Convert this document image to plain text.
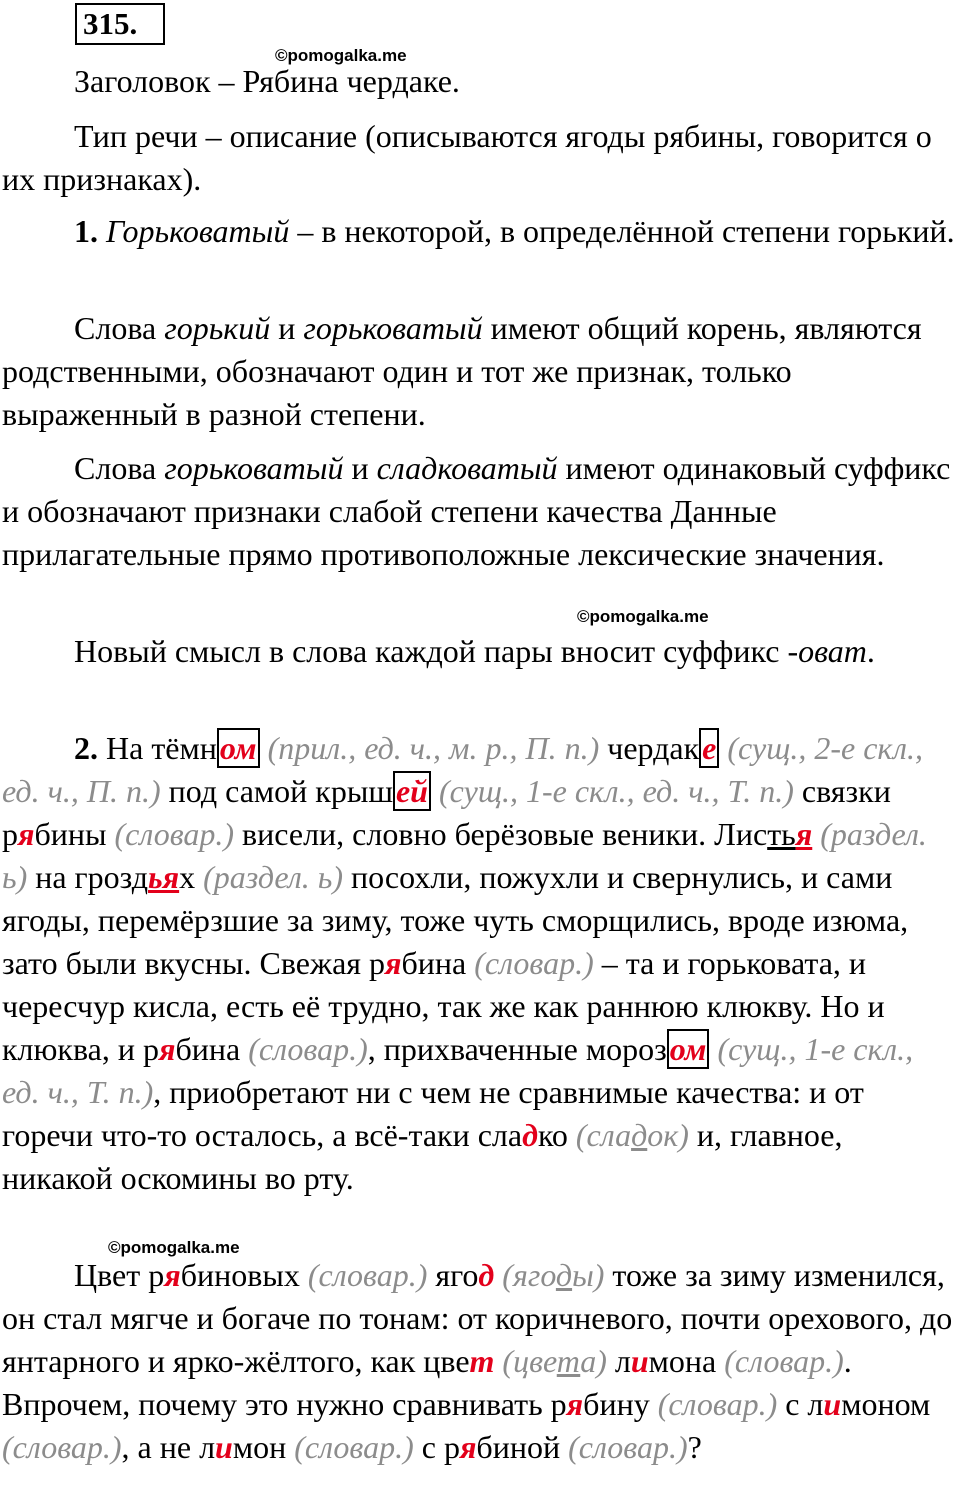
315.
©pomogalka.me
©pomogalka.me
©pomogalka.me

Заголовок – Рябина чердаке.

Тип речи – описание (описываются ягоды рябины, говорится о их признаках).

1. Горьковатый – в некоторой, в определённой степени горький.

Слова горький и горьковатый имеют общий корень, являются родственными, обозначают один и тот же признак, только выраженный в разной степени.

Слова горьковатый и сладковатый имеют одинаковый суффикс и обозначают признаки слабой степени качества Данные прилагательные прямо противоположные лексические значения.

Новый смысл в слова каждой пары вносит суффикс -оват.

2. На тёмном (прил., ед. ч., м. р., П. п.) чердаке (сущ., 2-е скл., ед. ч., П. п.) под самой крышей (сущ., 1-е скл., ед. ч., Т. п.) связки рябины (словар.) висели, словно берёзовые веники. Листья (раздел. ь) на гроздьях (раздел. ь) посохли, пожухли и свернулись, и сами ягоды, перемёрзшие за зиму, тоже чуть сморщились, вроде изюма, зато были вкусны. Свежая рябина (словар.) – та и горьковата, и чересчур кисла, есть её трудно, так же как раннюю клюкву. Но и клюква, и рябина (словар.), прихваченные морозом (сущ., 1-е скл., ед. ч., Т. п.), приобретают ни с чем не сравнимые качества: и от горечи что-то осталось, а всё-таки сладко (сладок) и, главное, никакой оскомины во рту.

Цвет рябиновых (словар.) ягод (ягоды) тоже за зиму изменился, он стал мягче и богаче по тонам: от коричневого, почти орехового, до янтарного и ярко-жёлтого, как цвет (цвета) лимона (словар.). Впрочем, почему это нужно сравнивать рябину (словар.) с лимоном (словар.), а не лимон (словар.) с рябиной (словар.)?
